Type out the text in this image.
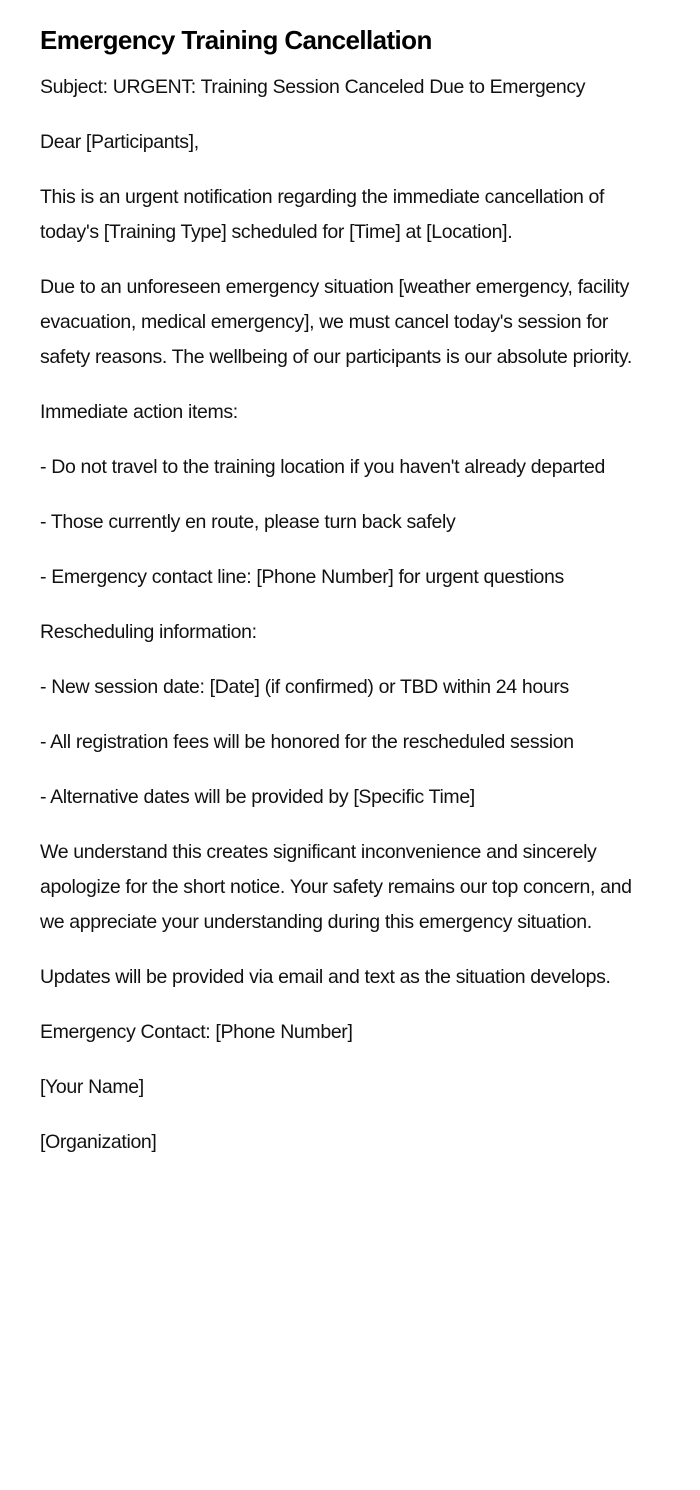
Emergency Training Cancellation

Subject: URGENT: Training Session Canceled Due to Emergency

Dear [Participants],

This is an urgent notification regarding the immediate cancellation of today's [Training Type] scheduled for [Time] at [Location].

Due to an unforeseen emergency situation [weather emergency, facility evacuation, medical emergency], we must cancel today's session for safety reasons. The wellbeing of our participants is our absolute priority.

Immediate action items:

- Do not travel to the training location if you haven't already departed

- Those currently en route, please turn back safely

- Emergency contact line: [Phone Number] for urgent questions

Rescheduling information:

- New session date: [Date] (if confirmed) or TBD within 24 hours

- All registration fees will be honored for the rescheduled session

- Alternative dates will be provided by [Specific Time]

We understand this creates significant inconvenience and sincerely apologize for the short notice. Your safety remains our top concern, and we appreciate your understanding during this emergency situation.

Updates will be provided via email and text as the situation develops.

Emergency Contact: [Phone Number]

[Your Name]

[Organization]
